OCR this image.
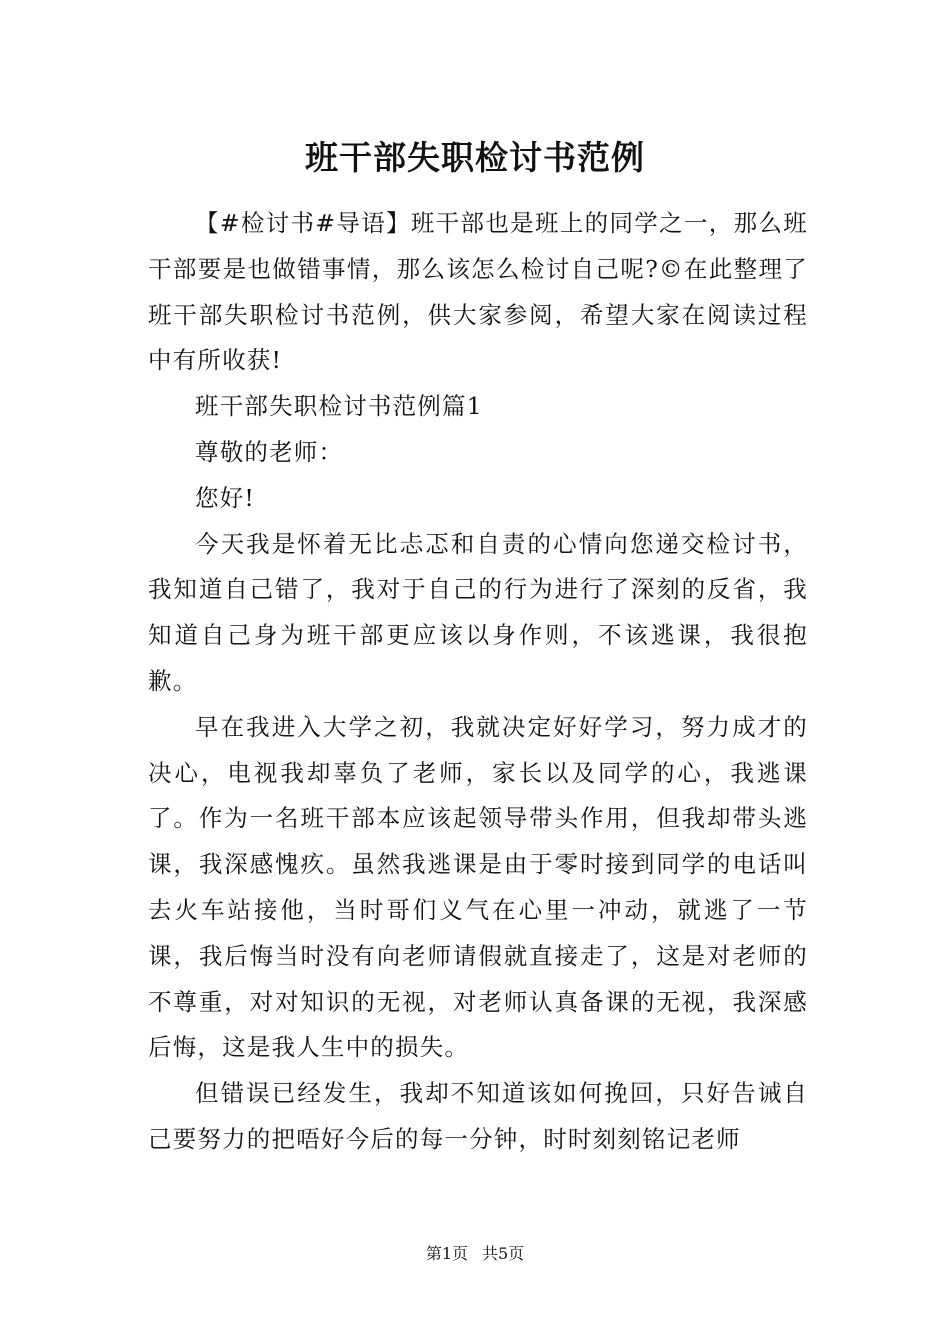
班干部失职检讨书范例

【#检讨书#导语】班干部也是班上的同学之一，那么班干部要是也做错事情，那么该怎么检讨自己呢?©在此整理了班干部失职检讨书范例，供大家参阅，希望大家在阅读过程中有所收获!

班干部失职检讨书范例篇1

尊敬的老师：

您好!

今天我是怀着无比忐忑和自责的心情向您递交检讨书，我知道自己错了，我对于自己的行为进行了深刻的反省，我知道自己身为班干部更应该以身作则，不该逃课，我很抱歉。

早在我进入大学之初，我就决定好好学习，努力成才的决心，电视我却辜负了老师，家长以及同学的心，我逃课了。作为一名班干部本应该起领导带头作用，但我却带头逃课，我深感愧疚。虽然我逃课是由于零时接到同学的电话叫去火车站接他，当时哥们义气在心里一冲动，就逃了一节课，我后悔当时没有向老师请假就直接走了，这是对老师的不尊重，对对知识的无视，对老师认真备课的无视，我深感后悔，这是我人生中的损失。

但错误已经发生，我却不知道该如何挽回，只好告诫自己要努力的把唔好今后的每一分钟，时时刻刻铭记老师

第1页 共5页
